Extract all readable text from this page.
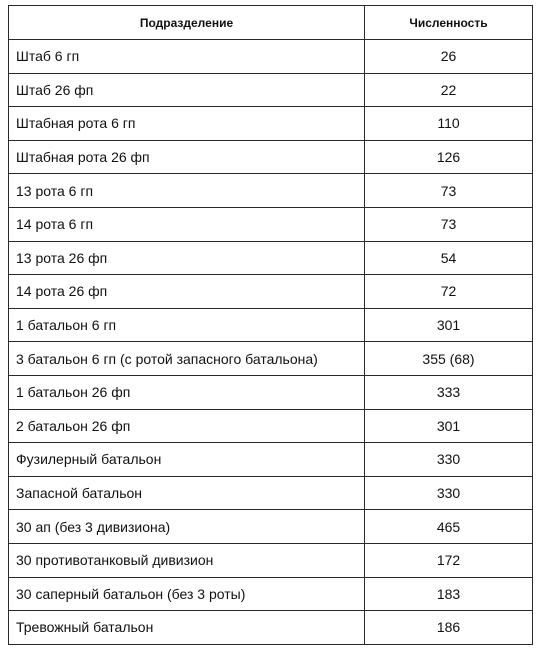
Подразделение	Численность
Штаб 6 гп	26
Штаб 26 фп	22
Штабная рота 6 гп	110
Штабная рота 26 фп	126
13 рота 6 гп	73
14 рота 6 гп	73
13 рота 26 фп	54
14 рота 26 фп	72
1 батальон 6 гп	301
3 батальон 6 гп (с ротой запасного батальона)	355 (68)
1 батальон 26 фп	333
2 батальон 26 фп	301
Фузилерный батальон	330
Запасной батальон	330
30 ап (без 3 дивизиона)	465
30 противотанковый дивизион	172
30 саперный батальон (без 3 роты)	183
Тревожный батальон	186
